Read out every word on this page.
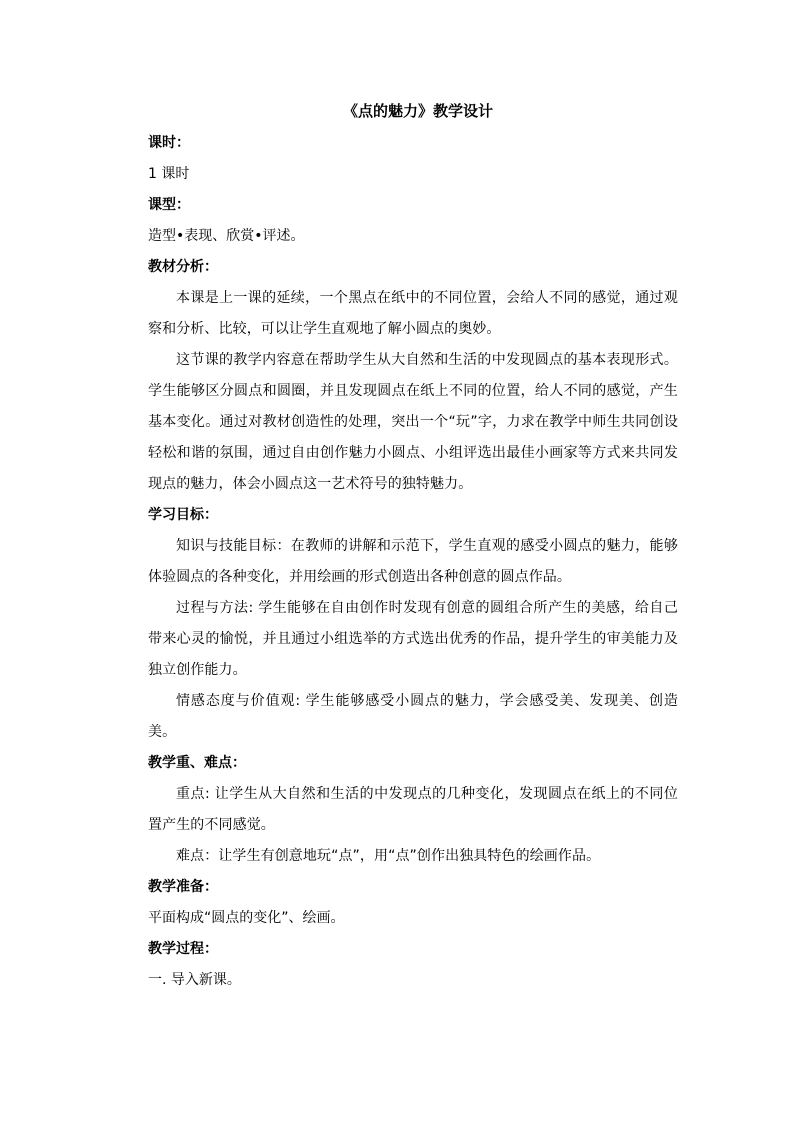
《点的魅力》教学设计
课时：
1 课时
课型：
造型•表现、欣赏•评述。
教材分析：
本课是上一课的延续，一个黑点在纸中的不同位置，会给人不同的感觉，通过观察和分析、比较，可以让学生直观地了解小圆点的奥妙。
这节课的教学内容意在帮助学生从大自然和生活的中发现圆点的基本表现形式。学生能够区分圆点和圆圈，并且发现圆点在纸上不同的位置，给人不同的感觉，产生基本变化。通过对教材创造性的处理，突出一个“玩”字，力求在教学中师生共同创设轻松和谐的氛围，通过自由创作魅力小圆点、小组评选出最佳小画家等方式来共同发现点的魅力，体会小圆点这一艺术符号的独特魅力。
学习目标：
知识与技能目标：在教师的讲解和示范下，学生直观的感受小圆点的魅力，能够体验圆点的各种变化，并用绘画的形式创造出各种创意的圆点作品。
过程与方法: 学生能够在自由创作时发现有创意的圆组合所产生的美感，给自己带来心灵的愉悦，并且通过小组选举的方式选出优秀的作品，提升学生的审美能力及独立创作能力。
情感态度与价值观: 学生能够感受小圆点的魅力，学会感受美、发现美、创造美。
教学重、难点：
重点: 让学生从大自然和生活的中发现点的几种变化，发现圆点在纸上的不同位置产生的不同感觉。
难点：让学生有创意地玩“点”，用“点”创作出独具特色的绘画作品。
教学准备：
平面构成“圆点的变化”、绘画。
教学过程：
一. 导入新课。
